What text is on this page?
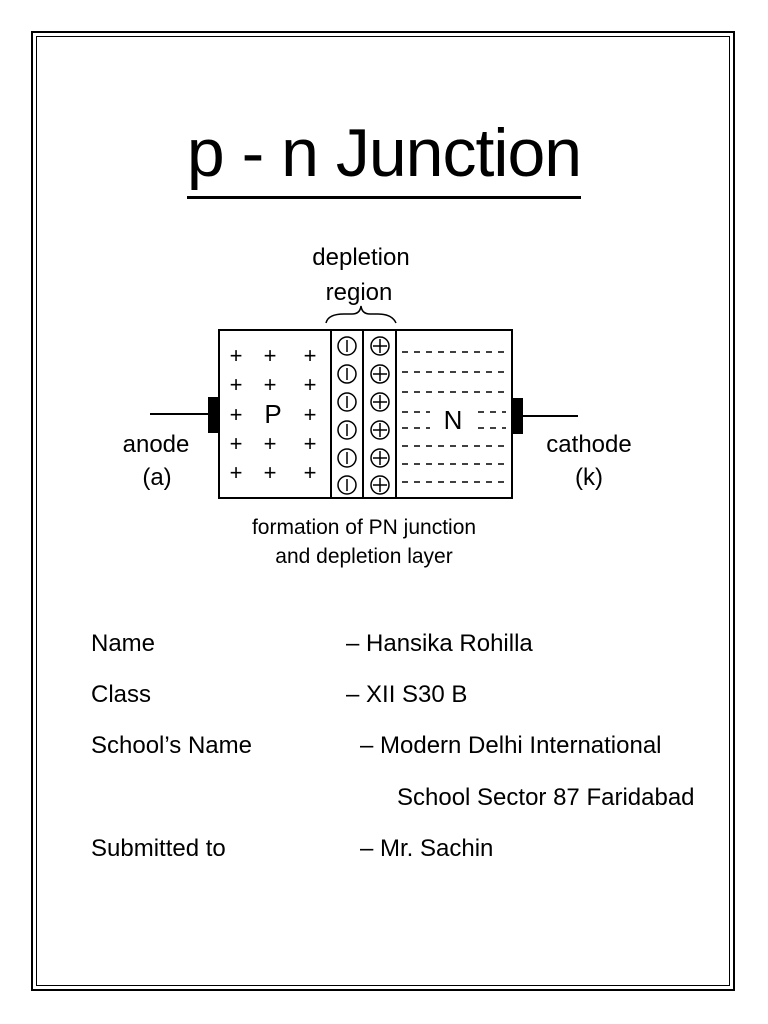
p - n Junction
depletion
region
+ + +
+ + +
+	+
+ + +
+ + +
P	N
anode
(a)
cathode
(k)
formation of PN junction
and depletion layer
Name	– Hansika Rohilla
Class	– XII S30 B
School’s Name	– Modern Delhi International
School Sector 87 Faridabad
Submitted to	– Mr. Sachin
